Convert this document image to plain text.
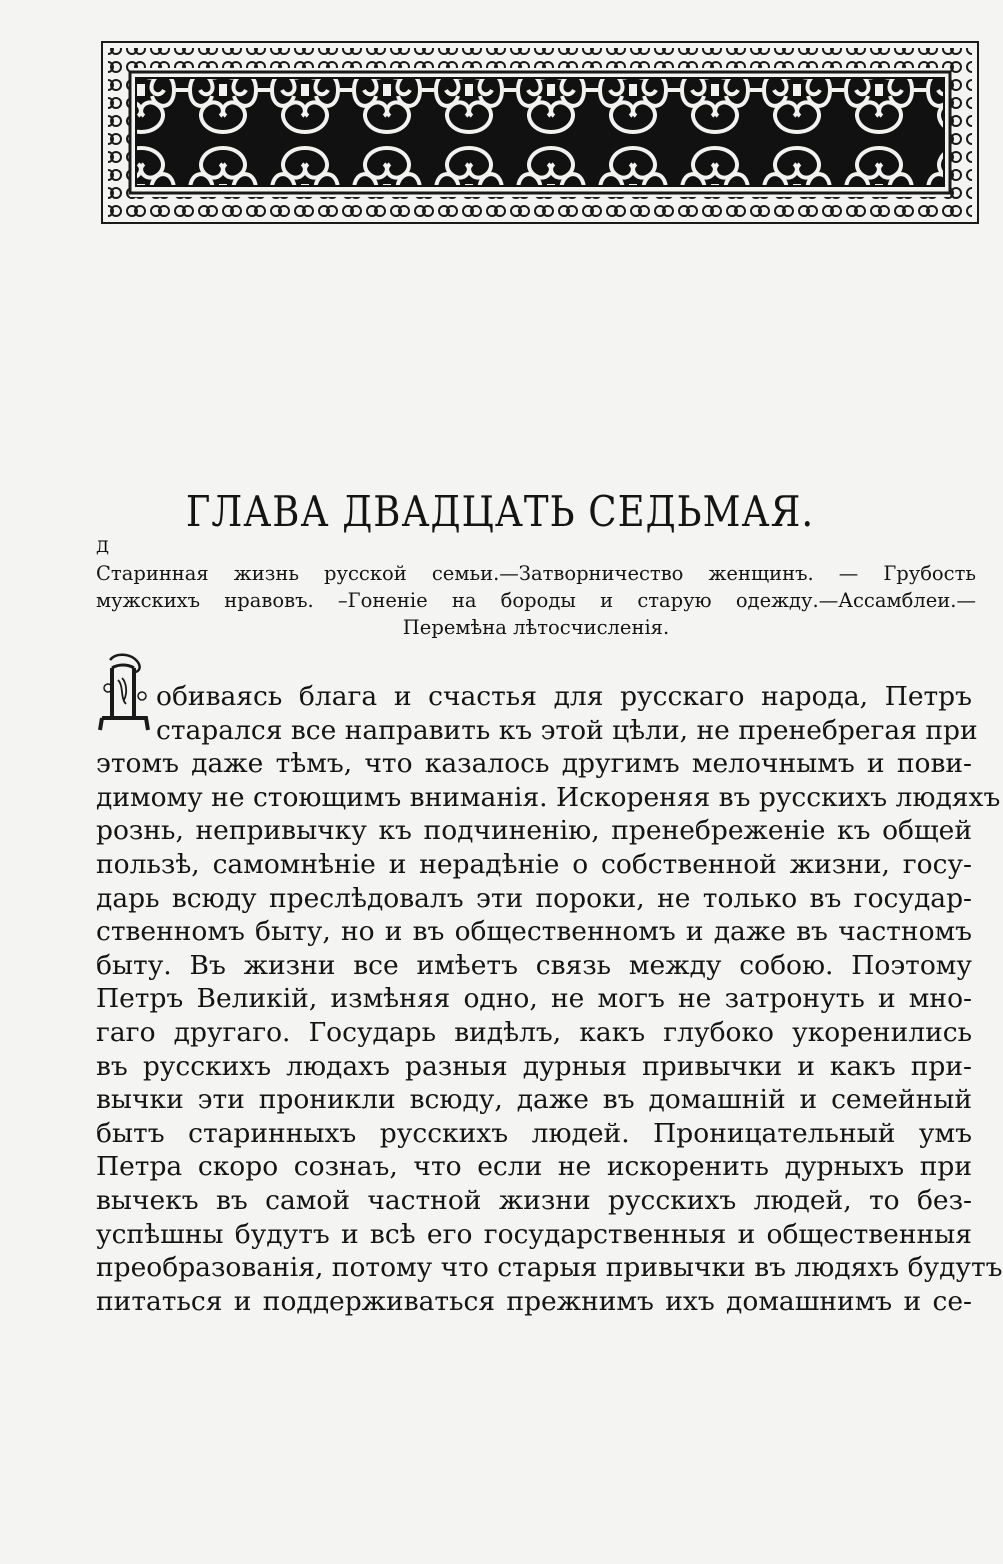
ГЛАВА ДВАДЦАТЬ СЕДЬМАЯ.
Старинная жизнь русской семьи.—Затворничество женщинъ. — Грубость
мужскихъ нравовъ. –Гоненіе на бороды и старую одежду.—Ассамблеи.—
Перемѣна лѣтосчисленія.
Д
обиваясь блага и счастья для русскаго народа, Петръ
старался все направить къ этой цѣли, не пренебрегая при
этомъ даже тѣмъ, что казалось другимъ мелочнымъ и пови-
димому не стоющимъ вниманія. Искореняя въ русскихъ людяхъ
рознь, непривычку къ подчиненію, пренебреженіе къ общей
пользѣ, самомнѣніе и нерадѣніе о собственной жизни, госу-
дарь всюду преслѣдовалъ эти пороки, не только въ государ-
ственномъ быту, но и въ общественномъ и даже въ частномъ
быту. Въ жизни все имѣетъ связь между собою. Поэтому
Петръ Великій, измѣняя одно, не могъ не затронуть и мно-
гаго другаго. Государь видѣлъ, какъ глубоко укоренились
въ русскихъ людахъ разныя дурныя привычки и какъ при-
вычки эти проникли всюду, даже въ домашній и семейный
бытъ старинныхъ русскихъ людей. Проницательный умъ
Петра скоро сознаъ, что если не искоренить дурныхъ при
вычекъ въ самой частной жизни русскихъ людей, то без-
успѣшны будутъ и всѣ его государственныя и общественныя
преобразованія, потому что старыя привычки въ людяхъ будутъ
питаться и поддерживаться прежнимъ ихъ домашнимъ и се-
